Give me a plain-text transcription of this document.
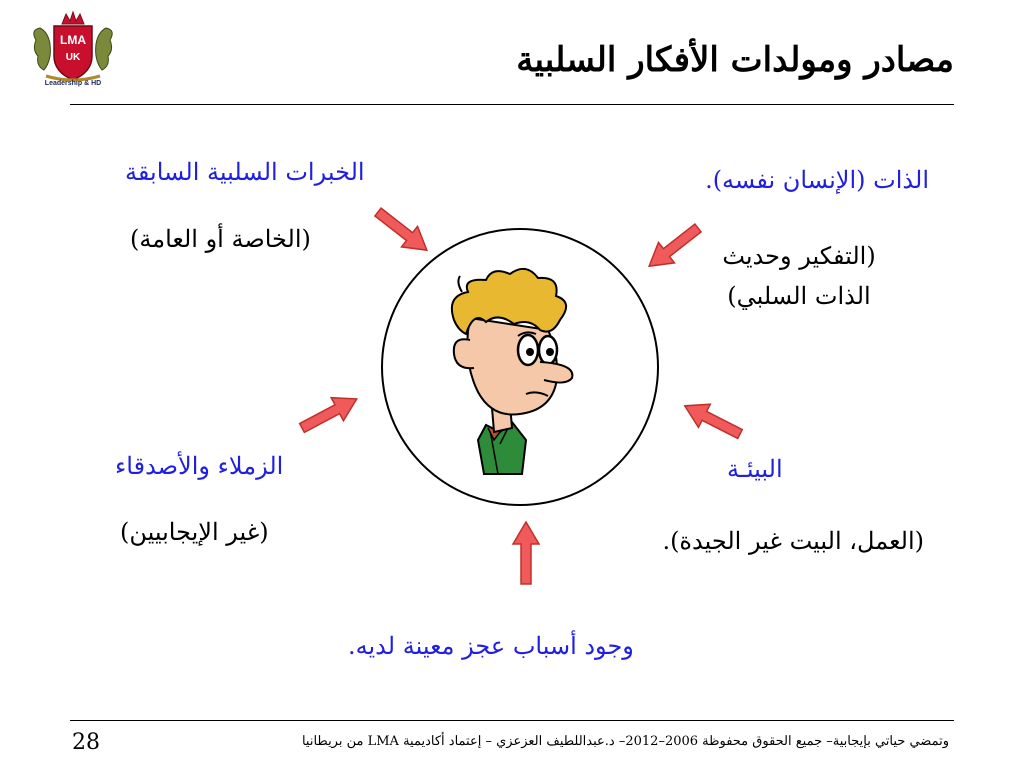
LMA
UK
Leadership & HD
مصادر ومولدات الأفكار السلبية
الذات (الإنسان نفسه).
(التفكير وحديث الذات السلبي)
الخبرات السلبية السابقة
(الخاصة أو العامة)
الزملاء والأصدقاء
(غير الإيجابيين)
البيئـة
(العمل، البيت غير الجيدة).
وجود أسباب عجز معينة لديه.
وتمضي حياتي بإيجابية– جميع الحقوق محفوظة 2006–2012– د.عبداللطيف العزعزي – إعتماد أكاديمية LMA من بريطانيا
28
